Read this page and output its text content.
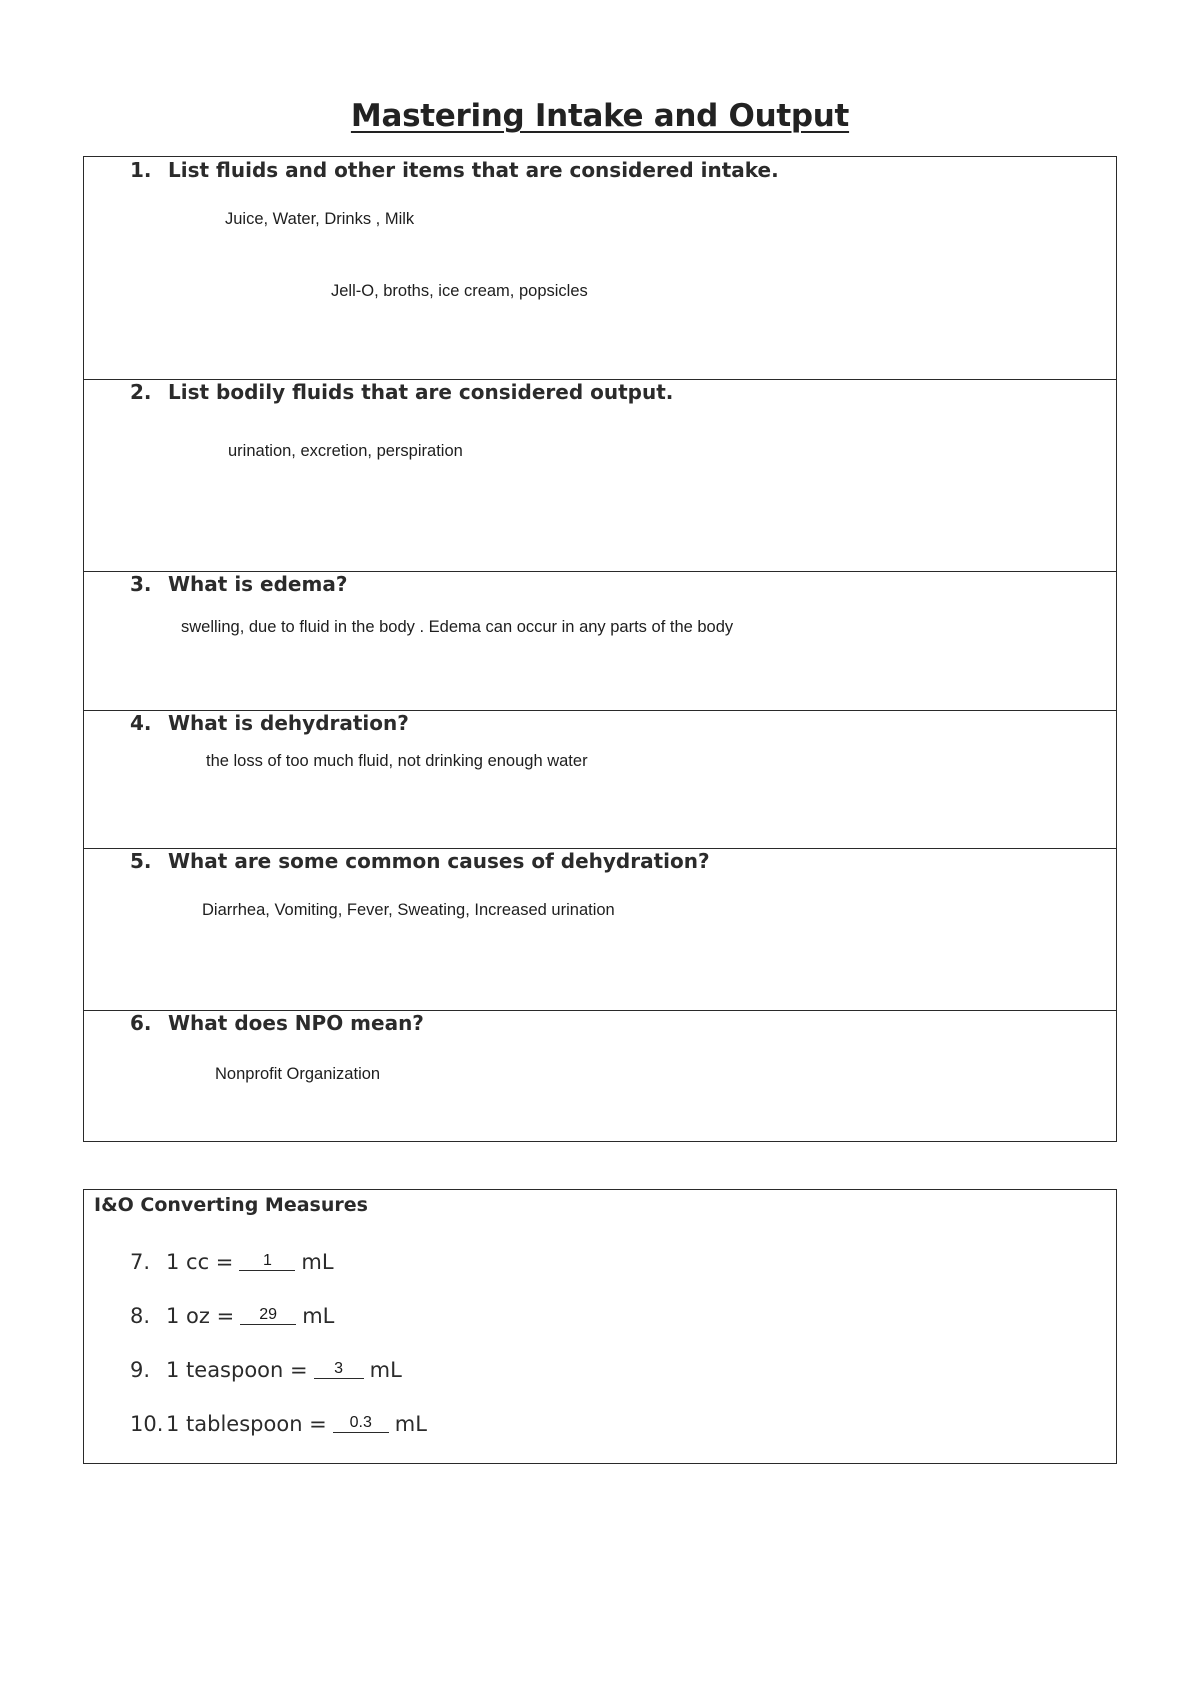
Mastering Intake and Output
1. List fluids and other items that are considered intake.
Juice, Water, Drinks , Milk
Jell-O, broths, ice cream, popsicles
2. List bodily fluids that are considered output.
urination, excretion, perspiration
3. What is edema?
swelling, due to fluid in the body . Edema can occur in any parts of the body
4. What is dehydration?
the loss of too much fluid, not drinking enough water
5. What are some common causes of dehydration?
Diarrhea, Vomiting, Fever, Sweating, Increased urination
6. What does NPO mean?
Nonprofit Organization
I&O Converting Measures
7. 1 cc = 1 mL
8. 1 oz = 29 mL
9. 1 teaspoon = 3 mL
10. 1 tablespoon = 0.3 mL
